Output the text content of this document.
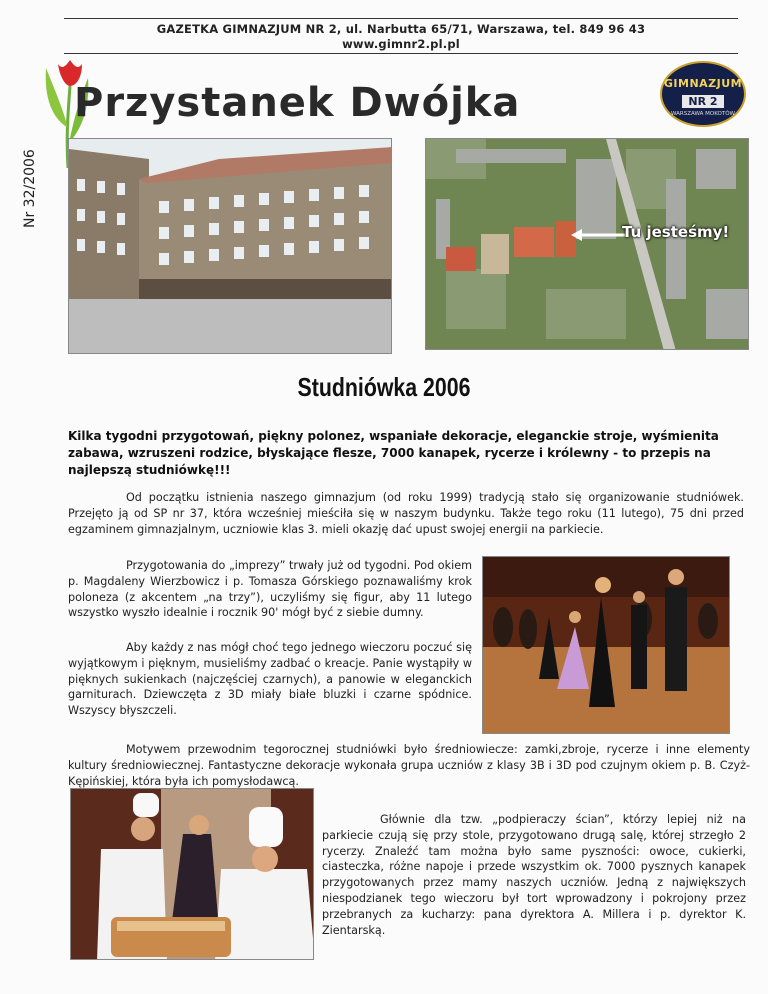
GAZETKA GIMNAZJUM NR 2, ul. Narbutta 65/71, Warszawa, tel. 849 96 43
www.gimnr2.pl.pl
Nr 32/2006
Przystanek Dwójka	GIMNAZJUM
NR 2
WARSZAWA MOKOTÓW
Tu jesteśmy!
Studniówka 2006
Kilka tygodni przygotowań, piękny polonez, wspaniałe dekoracje, eleganckie stroje, wyśmienita zabawa, wzruszeni rodzice, błyskające flesze, 7000 kanapek, rycerze i królewny - to przepis na najlepszą studniówkę!!!
Od początku istnienia naszego gimnazjum (od roku 1999) tradycją stało się organizowanie studniówek. Przejęto ją od SP nr 37, która wcześniej mieściła się w naszym budynku. Także tego roku (11 lutego), 75 dni przed egzaminem gimnazjalnym, uczniowie klas 3. mieli okazję dać upust swojej energii na parkiecie.
Przygotowania do „imprezy” trwały już od tygodni. Pod okiem p. Magdaleny Wierzbowicz i p. Tomasza Górskiego poznawaliśmy krok poloneza (z akcentem „na trzy”), uczyliśmy się figur, aby 11 lutego wszystko wyszło idealnie i rocznik 90' mógł być z siebie dumny.
Aby każdy z nas mógł choć tego jednego wieczoru poczuć się wyjątkowym i pięknym, musieliśmy zadbać o kreacje. Panie wystąpiły w pięknych sukienkach (najczęściej czarnych), a panowie w eleganckich garniturach. Dziewczęta z 3D miały białe bluzki i czarne spódnice. Wszyscy błyszczeli.
Motywem przewodnim tegorocznej studniówki było średniowiecze: zamki,zbroje, rycerze i inne elementy kultury średniowiecznej. Fantastyczne dekoracje wykonała grupa uczniów z klasy 3B i 3D pod czujnym okiem p. B. Czyż-Kępińskiej, która była ich pomysłodawcą.
Głównie dla tzw. „podpieraczy ścian”, którzy lepiej niż na parkiecie czują się przy stole, przygotowano drugą salę, której strzegło 2 rycerzy. Znaleźć tam można było same pyszności: owoce, cukierki, ciasteczka, różne napoje i przede wszystkim ok. 7000 pysznych kanapek przygotowanych przez mamy naszych uczniów. Jedną z największych niespodzianek tego wieczoru był tort wprowadzony i pokrojony przez przebranych za kucharzy: pana dyrektora A. Millera i p. dyrektor K. Zientarską.
